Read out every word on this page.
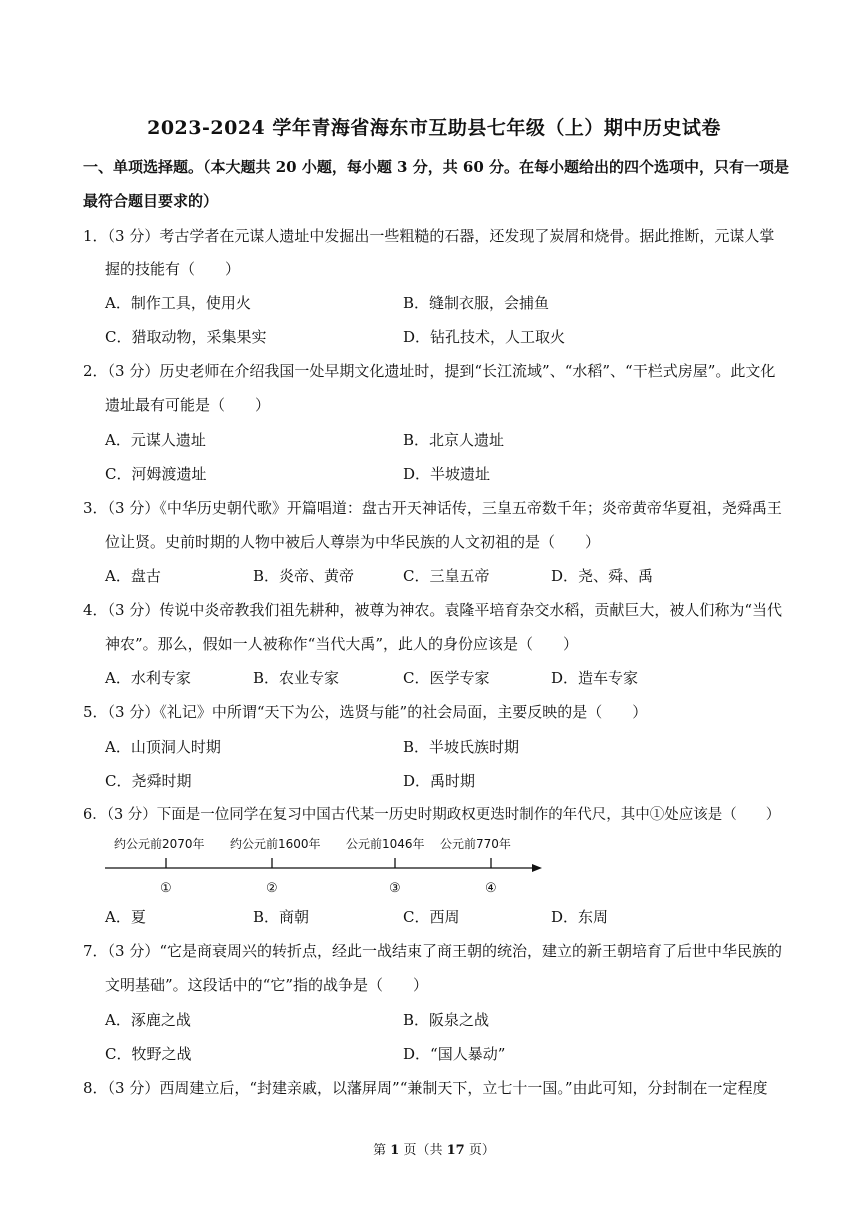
2023-2024 学年青海省海东市互助县七年级（上）期中历史试卷
一、单项选择题。（本大题共 20 小题，每小题 3 分，共 60 分。在每小题给出的四个选项中，只有一项是
最符合题目要求的）
1．（3 分）考古学者在元谋人遗址中发掘出一些粗糙的石器，还发现了炭屑和烧骨。据此推断，元谋人掌
握的技能有（　　）
A．制作工具，使用火	B．缝制衣服，会捕鱼
C．猎取动物，采集果实	D．钻孔技术，人工取火
2．（3 分）历史老师在介绍我国一处早期文化遗址时，提到“长江流域”、“水稻”、“干栏式房屋”。此文化
遗址最有可能是（　　）
A．元谋人遗址	B．北京人遗址
C．河姆渡遗址	D．半坡遗址
3．（3 分）《中华历史朝代歌》开篇唱道：盘古开天神话传，三皇五帝数千年；炎帝黄帝华夏祖，尧舜禹王
位让贤。史前时期的人物中被后人尊崇为中华民族的人文初祖的是（　　）
A．盘古	B．炎帝、黄帝	C．三皇五帝	D．尧、舜、禹
4．（3 分）传说中炎帝教我们祖先耕种，被尊为神农。袁隆平培育杂交水稻，贡献巨大，被人们称为“当代
神农”。那么，假如一人被称作“当代大禹”，此人的身份应该是（　　）
A．水利专家	B．农业专家	C．医学专家	D．造车专家
5．（3 分）《礼记》中所谓“天下为公，选贤与能”的社会局面，主要反映的是（　　）
A．山顶洞人时期	B．半坡氏族时期
C．尧舜时期	D．禹时期
6．（3 分）下面是一位同学在复习中国古代某一历史时期政权更迭时制作的年代尺，其中①处应该是（　　）
约公元前2070年 约公元前1600年 公元前1046年 公元前770年
①	②	③	④
A．夏	B．商朝	C．西周	D．东周
7．（3 分）“它是商衰周兴的转折点，经此一战结束了商王朝的统治，建立的新王朝培育了后世中华民族的
文明基础”。这段话中的“它”指的战争是（　　）
A．涿鹿之战	B．阪泉之战
C．牧野之战	D．“国人暴动”
8．（3 分）西周建立后，“封建亲戚，以藩屏周”“兼制天下，立七十一国。”由此可知，分封制在一定程度
第 1 页（共 17 页）
